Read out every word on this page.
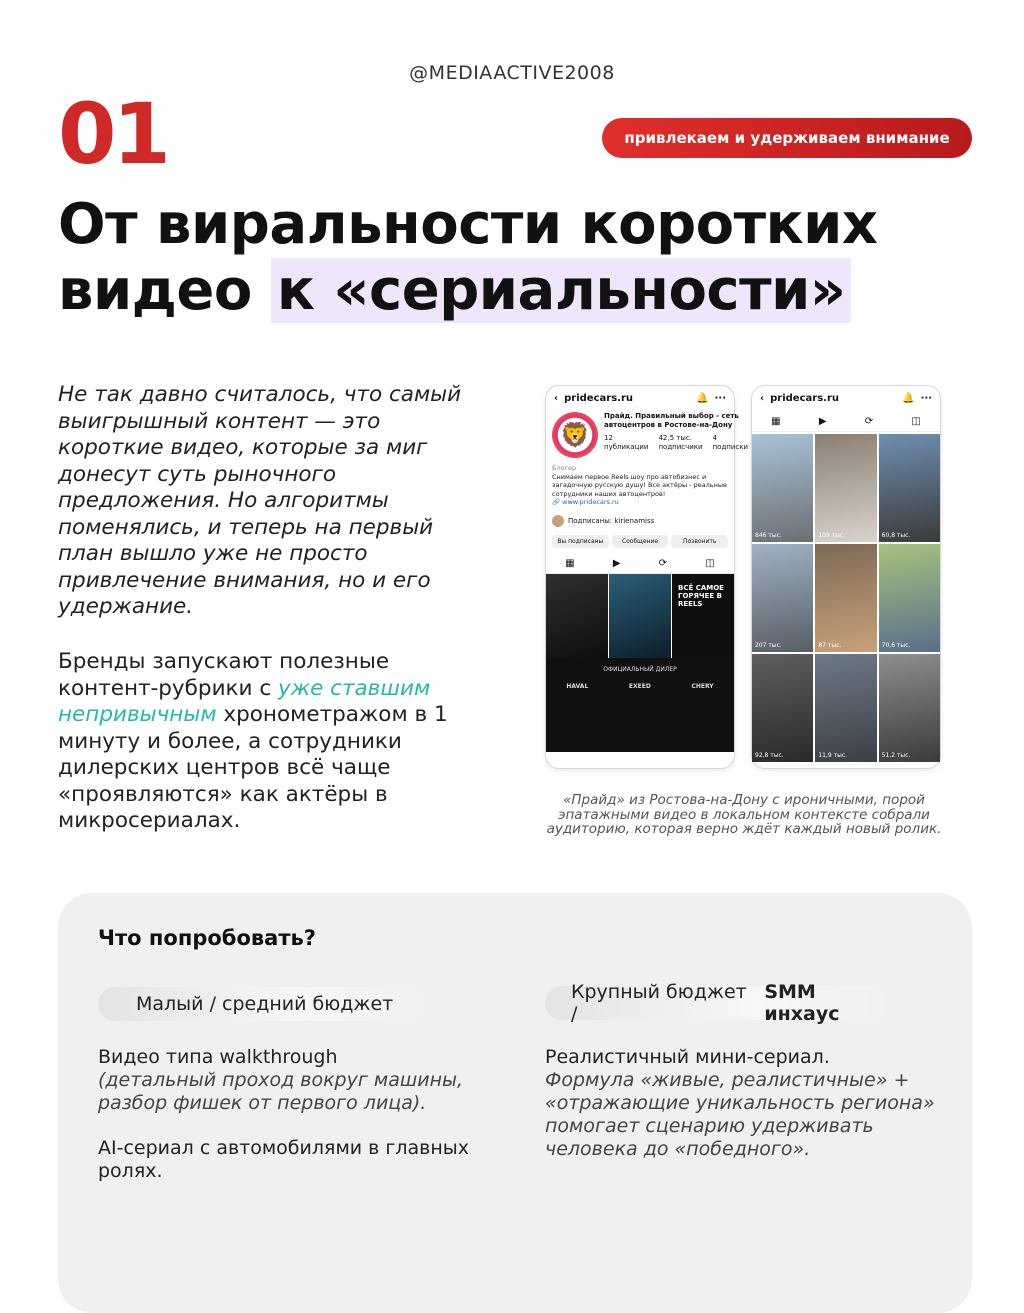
@MEDIAACTIVE2008
01	привлекаем и удерживаем внимание
От виральности коротких
видео к «сериальности»
Не так давно считалось, что самый выигрышный контент — это короткие видео, которые за миг донесут суть рыночного предложения. Но алгоритмы поменялись, и теперь на первый план вышло уже не просто привлечение внимания, но и его удержание.
Бренды запускают полезные контент-рубрики с уже ставшим непривычным хронометражом в 1 минуту и более, а сотрудники дилерских центров всё чаще «проявляются» как актёры в микросериалах.
‹ pridecars.ru	🔔 ···
🦁
Прайд. Правильный выбор - сеть автоцентров в Ростове-на-Дону
12
публикации
42,5 тыс.
подписчики
4
подписки
Блогер
Снимаем первое Reels шоу про автобизнес и загадочную русскую душу! Все актёры - реальные сотрудники наших автоцентров!
🔗 www.pridecars.ru
Подписаны: kirienamiss
Вы подписаны	Сообщение	Позвонить
▦	▶	⟳	◫
ВСЁ САМОЕ ГОРЯЧЕЕ В REELS
ОФИЦИАЛЬНЫЙ ДИЛЕР
HAVAL	EXEED	CHERY
‹ pridecars.ru	🔔 ···
▦	▶	⟳	◫
846 тыс.	109 тыс.	60,8 тыс.
207 тыс.	87 тыс.	70,6 тыс.
92,8 тыс.	11,9 тыс.	51,2 тыс.
«Прайд» из Ростова-на-Дону с ироничными, порой эпатажными видео в локальном контексте собрали аудиторию, которая верно ждёт каждый новый ролик.
Что попробовать?
Малый / средний бюджет
Крупный бюджет /
SMM инхаус

Видео типа walkthrough
(детальный проход вокруг машины, разбор фишек от первого лица).

AI-сериал с автомобилями в главных ролях.

Реалистичный мини-сериал.
Формула «живые, реалистичные» + «отражающие уникальность региона» помогает сценарию удерживать человека до «победного».
